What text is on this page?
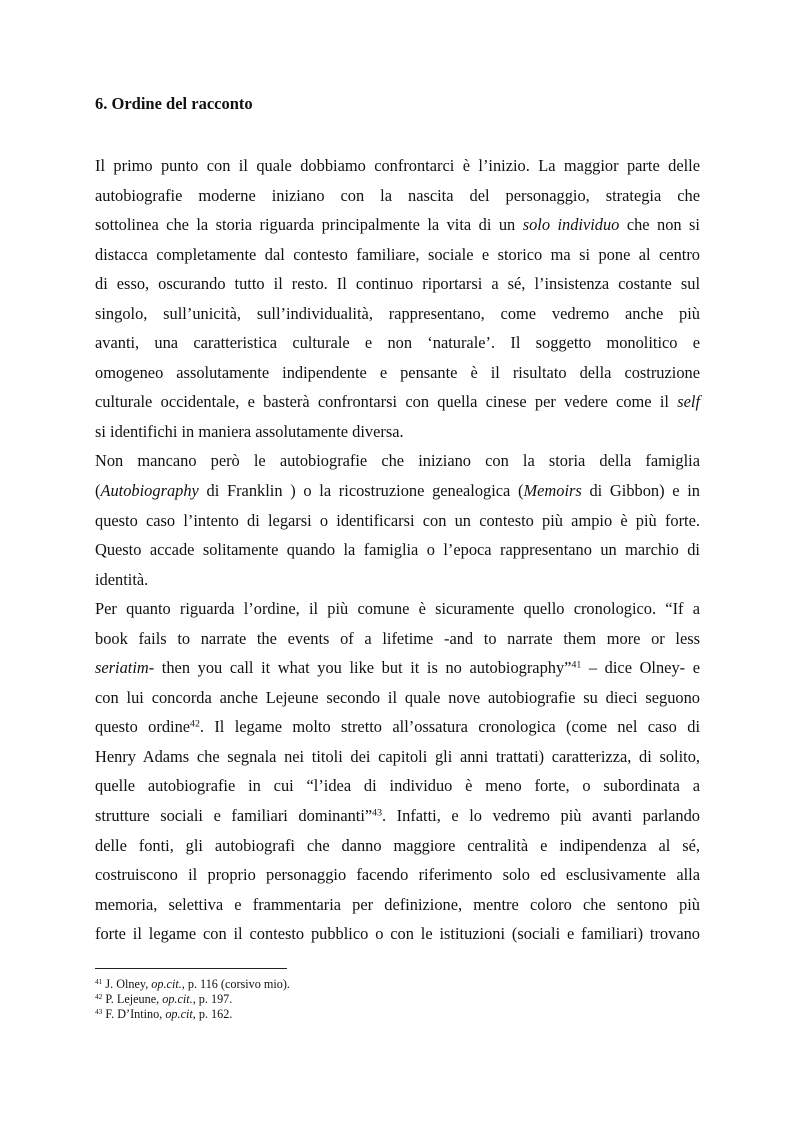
6. Ordine del racconto
Il primo punto con il quale dobbiamo confrontarci è l’inizio. La maggior parte delle
autobiografie moderne iniziano con la nascita del personaggio, strategia che
sottolinea che la storia riguarda principalmente la vita di un solo individuo che non si
distacca completamente dal contesto familiare, sociale e storico ma si pone al centro
di esso, oscurando tutto il resto. Il continuo riportarsi a sé, l’insistenza costante sul
singolo, sull’unicità, sull’individualità, rappresentano, come vedremo anche più
avanti, una caratteristica culturale e non ‘naturale’. Il soggetto monolitico e
omogeneo assolutamente indipendente e pensante è il risultato della costruzione
culturale occidentale, e basterà confrontarsi con quella cinese per vedere come il self
si identifichi in maniera assolutamente diversa.
Non mancano però le autobiografie che iniziano con la storia della famiglia
(Autobiography di Franklin ) o la ricostruzione genealogica (Memoirs di Gibbon) e in
questo caso l’intento di legarsi o identificarsi con un contesto più ampio è più forte.
Questo accade solitamente quando la famiglia o l’epoca rappresentano un marchio di
identità.
Per quanto riguarda l’ordine, il più comune è sicuramente quello cronologico. “If a
book fails to narrate the events of a lifetime -and to narrate them more or less
seriatim- then you call it what you like but it is no autobiography”$^{41}$ – dice Olney- e
con lui concorda anche Lejeune secondo il quale nove autobiografie su dieci seguono
questo ordine$^{42}$. Il legame molto stretto all’ossatura cronologica (come nel caso di
Henry Adams che segnala nei titoli dei capitoli gli anni trattati) caratterizza, di solito,
quelle autobiografie in cui “l’idea di individuo è meno forte, o subordinata a
strutture sociali e familiari dominanti”$^{43}$. Infatti, e lo vedremo più avanti parlando
delle fonti, gli autobiografi che danno maggiore centralità e indipendenza al sé,
costruiscono il proprio personaggio facendo riferimento solo ed esclusivamente alla
memoria, selettiva e frammentaria per definizione, mentre coloro che sentono più
forte il legame con il contesto pubblico o con le istituzioni (sociali e familiari) trovano
$^{41}$ J. Olney, op.cit., p. 116 (corsivo mio).
$^{42}$ P. Lejeune, op.cit., p. 197.
$^{43}$ F. D’Intino, op.cit, p. 162.
